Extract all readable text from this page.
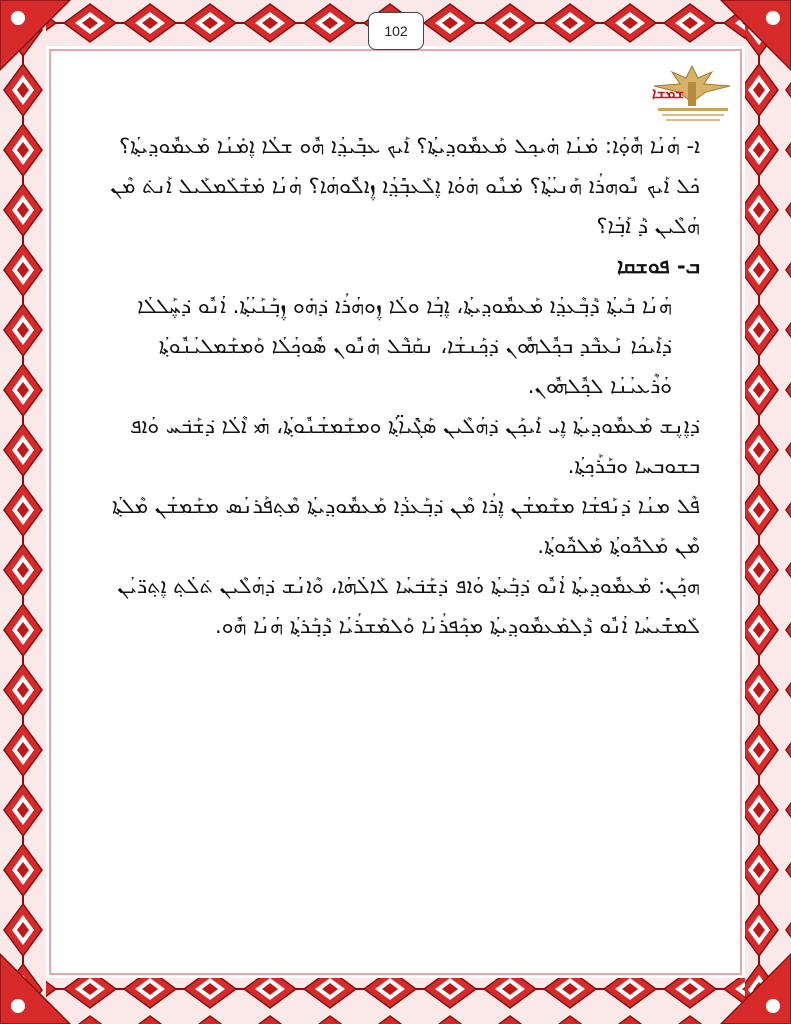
102
ܫܡܫܐ

ܐ- ܗܳܢܳܐ ܗܽܘ̣ܳܐ: ܡ̇ܢܳܐ ܗ̇ܝܟ݂ܠ ܡܰܥܡܽܘܕ݂ܝܬ݂ܳܐ؟ ܐܰܝܟ ܥܒ݂ܺܝܕ݂ܳܐ ܗܽܘ ܫܠܳܐ ܐ݆ܡ̇ܢܳܐ ܡܰܥܡܽܘܕ݂ܝܬ݂ܳܐ؟ ܟ̇ܠ ܐܰܝܟ ܢܽܘܗܪܳܐ ܗܰܢܝܳܬ݂ܳܐ؟ ܡ̇ܢܽܘ ܗ̇ܘܳܐ ܐ݆ܠܰܥܒ݂ܺܕ݂ܳܐ ܙ݆ܐܠܽܘܗܳܐ؟ ܗܳܢܳܐ ܡ̇ܫܰܠܰܡܠܰܝܠ ܐܰܢܬ݁ ܡܶܢ ܗܳܠܶܝܢ ܕ݁ܰ ܐܰܒ݂ܳܐ؟

ܒ- ܦܘܫܩܐ

ܗܳܢܳܐ ܒܰܝܬ݂ܳܐ ܕ݁ܰܒ݂ܶܥܕ݂ܳܐ ܡܰܥܡܽܘܕ݂ܝܬ݂ܳܐ، ܐ݆ܒ݂ܳܐ ܘܠܳܐ ܙ݆ܘܗܳܪܳܐ ܕ݁ܗ̇ܘ ܙ݆ܒ݂ܰܢܰܝܳܬ݂ܳܐ. ܐܳܢܽܘ ܕ݁ܚ݆ܰܠܠܳܐ ܕ݁ܐܰܝܟܳܐ ܢܰܥܒ݁ܶܕ ܒܟ݂ܽܠܗܽܘܢ ܕ݁ܟ݂ܰܢܫܳܐ، ܢܩܰܒ݁ܶܠ ܗ̇ܢܽܘܢ ܣܽܘܟ݂ܳܠܳܐ ܘܰܡܫܰܡܠܝܳܢܽܘܬ݂ܳܐ ܘܳܪܶܥܝܳܢܳܐ ܠܟ݂ܽܠܗܽܘܢ.

ܕ݁ܐ݆ܢ݆ܫ ܡܰܥܡܽܘܕ݂ܝܬ݂ܳܐ ܐ݆ܝ ܐܰܝܟ݂ܰܢ ܕ݁ܗܳܠܶܝܢ ܣܰܓ݁ܺܝܐ̈ܬ݂ܳܐ ܘܡܫܰܡܫܳܢܽܘܬ݂ܳܐ، ܗ̇ܝ ܐܶܠܳܐ ܕ݁ܫܰܒ݁ܚ ܘܳܐܦ ܒܫܘܒܚܐ ܘܒܰܪܰܟ݂ܬ݂ܳܐ.

ܦܶܠ ܡܢܳܐ ܕ݁ܢܰܦܫܳܐ ܡܫܰܡܫܳܢ ܐ݆ܪܳܐ ܡܶܢ ܕ݁ܒ݂ܰܥܕ݁ܳܐ ܡܰܥܡܽܘܕ݂ܝܬ݂ܳܐ ܡܶܬ݂ܦܰܪܢܳܣ ܡܫܰܡܫܳܢ ܡܶܠܬ݂ܳܐ ܡܶܢ ܡܰܠܟ݁ܽܘܬ݂ܳܐ ܡܰܠܟ݁ܽܘܬ݂ܳܐ.

ܗܟ݂ܰܢ: ܡܰܥܡܽܘܕ݂ܝܬ݂ܳܐ ܐܳܢܽܘ ܕ݁ܒ݂ܰܝܬ݂ܳܐ ܘܳܐܦ ܕ݁ܫܰܒ݁ܚܳܐ ܠܰܐܠܳܗܳܐ، ܘܶܐܢܳܫ ܕ݁ܗܳܠܶܝܢ ܬ݁ܠܳܬ݂ ܐ݆ܬ݂ܪ̈ܝܳܢ ܠܰܡܫܺܝܚܳܐ ܐܳܢܽܘ ܕ݁ܰܠܡܰܥܡܽܘܕ݂ܝܬ݂ܳܐ ܡܟ݂ܰܦܪܳܢܳܐ ܘܰܠܡܰܫܪܳܝܳܐ ܕ݁ܰܒ݂ܰܪܬ݂ܳܐ ܗܳܢܳܐ ܗܽܘ.
